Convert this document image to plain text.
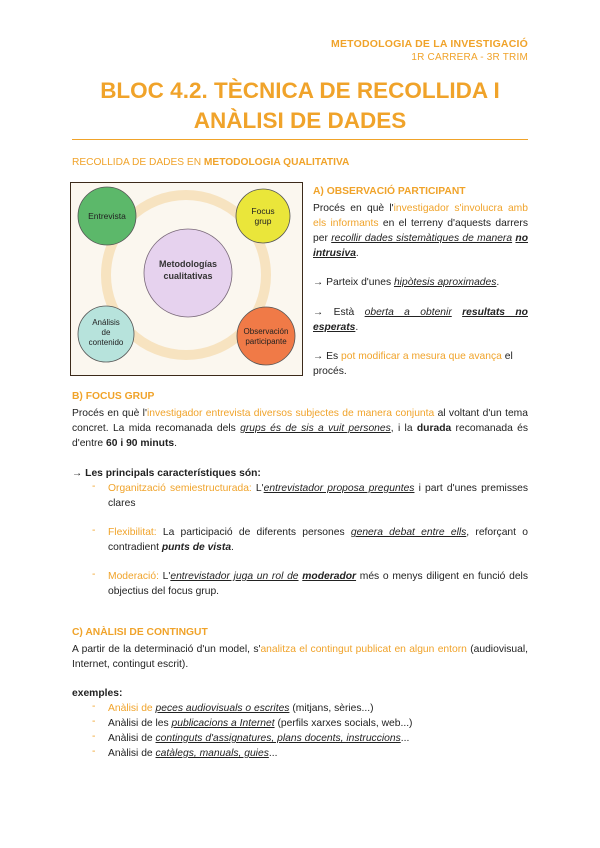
METODOLOGIA DE LA INVESTIGACIÓ
1R CARRERA - 3R TRIM
BLOC 4.2. TÈCNICA DE RECOLLIDA I
ANÀLISI DE DADES
RECOLLIDA DE DADES EN METODOLOGIA QUALITATIVA
Metodologías
cualitativas
Entrevista	Focus
grup
Análisis
de
contenido
Observación
participante
A) OBSERVACIÓ PARTICIPANT
Procés en què l'investigador s'involucra amb els informants en el terreny d'aquests darrers per recollir dades sistemàtiques de manera no intrusiva.
→ Parteix d'unes hipòtesis aproximades.
→ Està oberta a obtenir resultats no esperats.
→ Es pot modificar a mesura que avança el procés.
B) FOCUS GRUP
Procés en què l'investigador entrevista diversos subjectes de manera conjunta al voltant d'un tema concret. La mida recomanada dels grups és de sis a vuit persones, i la durada recomanada és d'entre 60 i 90 minuts.
→ Les principals característiques són:
- Organització semiestructurada: L'entrevistador proposa preguntes i part d'unes premisses clares
- Flexibilitat: La participació de diferents persones genera debat entre ells, reforçant o contradient punts de vista.
- Moderació: L'entrevistador juga un rol de moderador més o menys diligent en funció dels objectius del focus grup.
C) ANÀLISI DE CONTINGUT
A partir de la determinació d'un model, s'analitza el contingut publicat en algun entorn (audiovisual, Internet, contingut escrit).
exemples:
- Anàlisi de peces audiovisuals o escrites (mitjans, sèries...)
- Anàlisi de les publicacions a Internet (perfils xarxes socials, web...)
- Anàlisi de continguts d'assignatures, plans docents, instruccions...
- Anàlisi de catàlegs, manuals, guies...
